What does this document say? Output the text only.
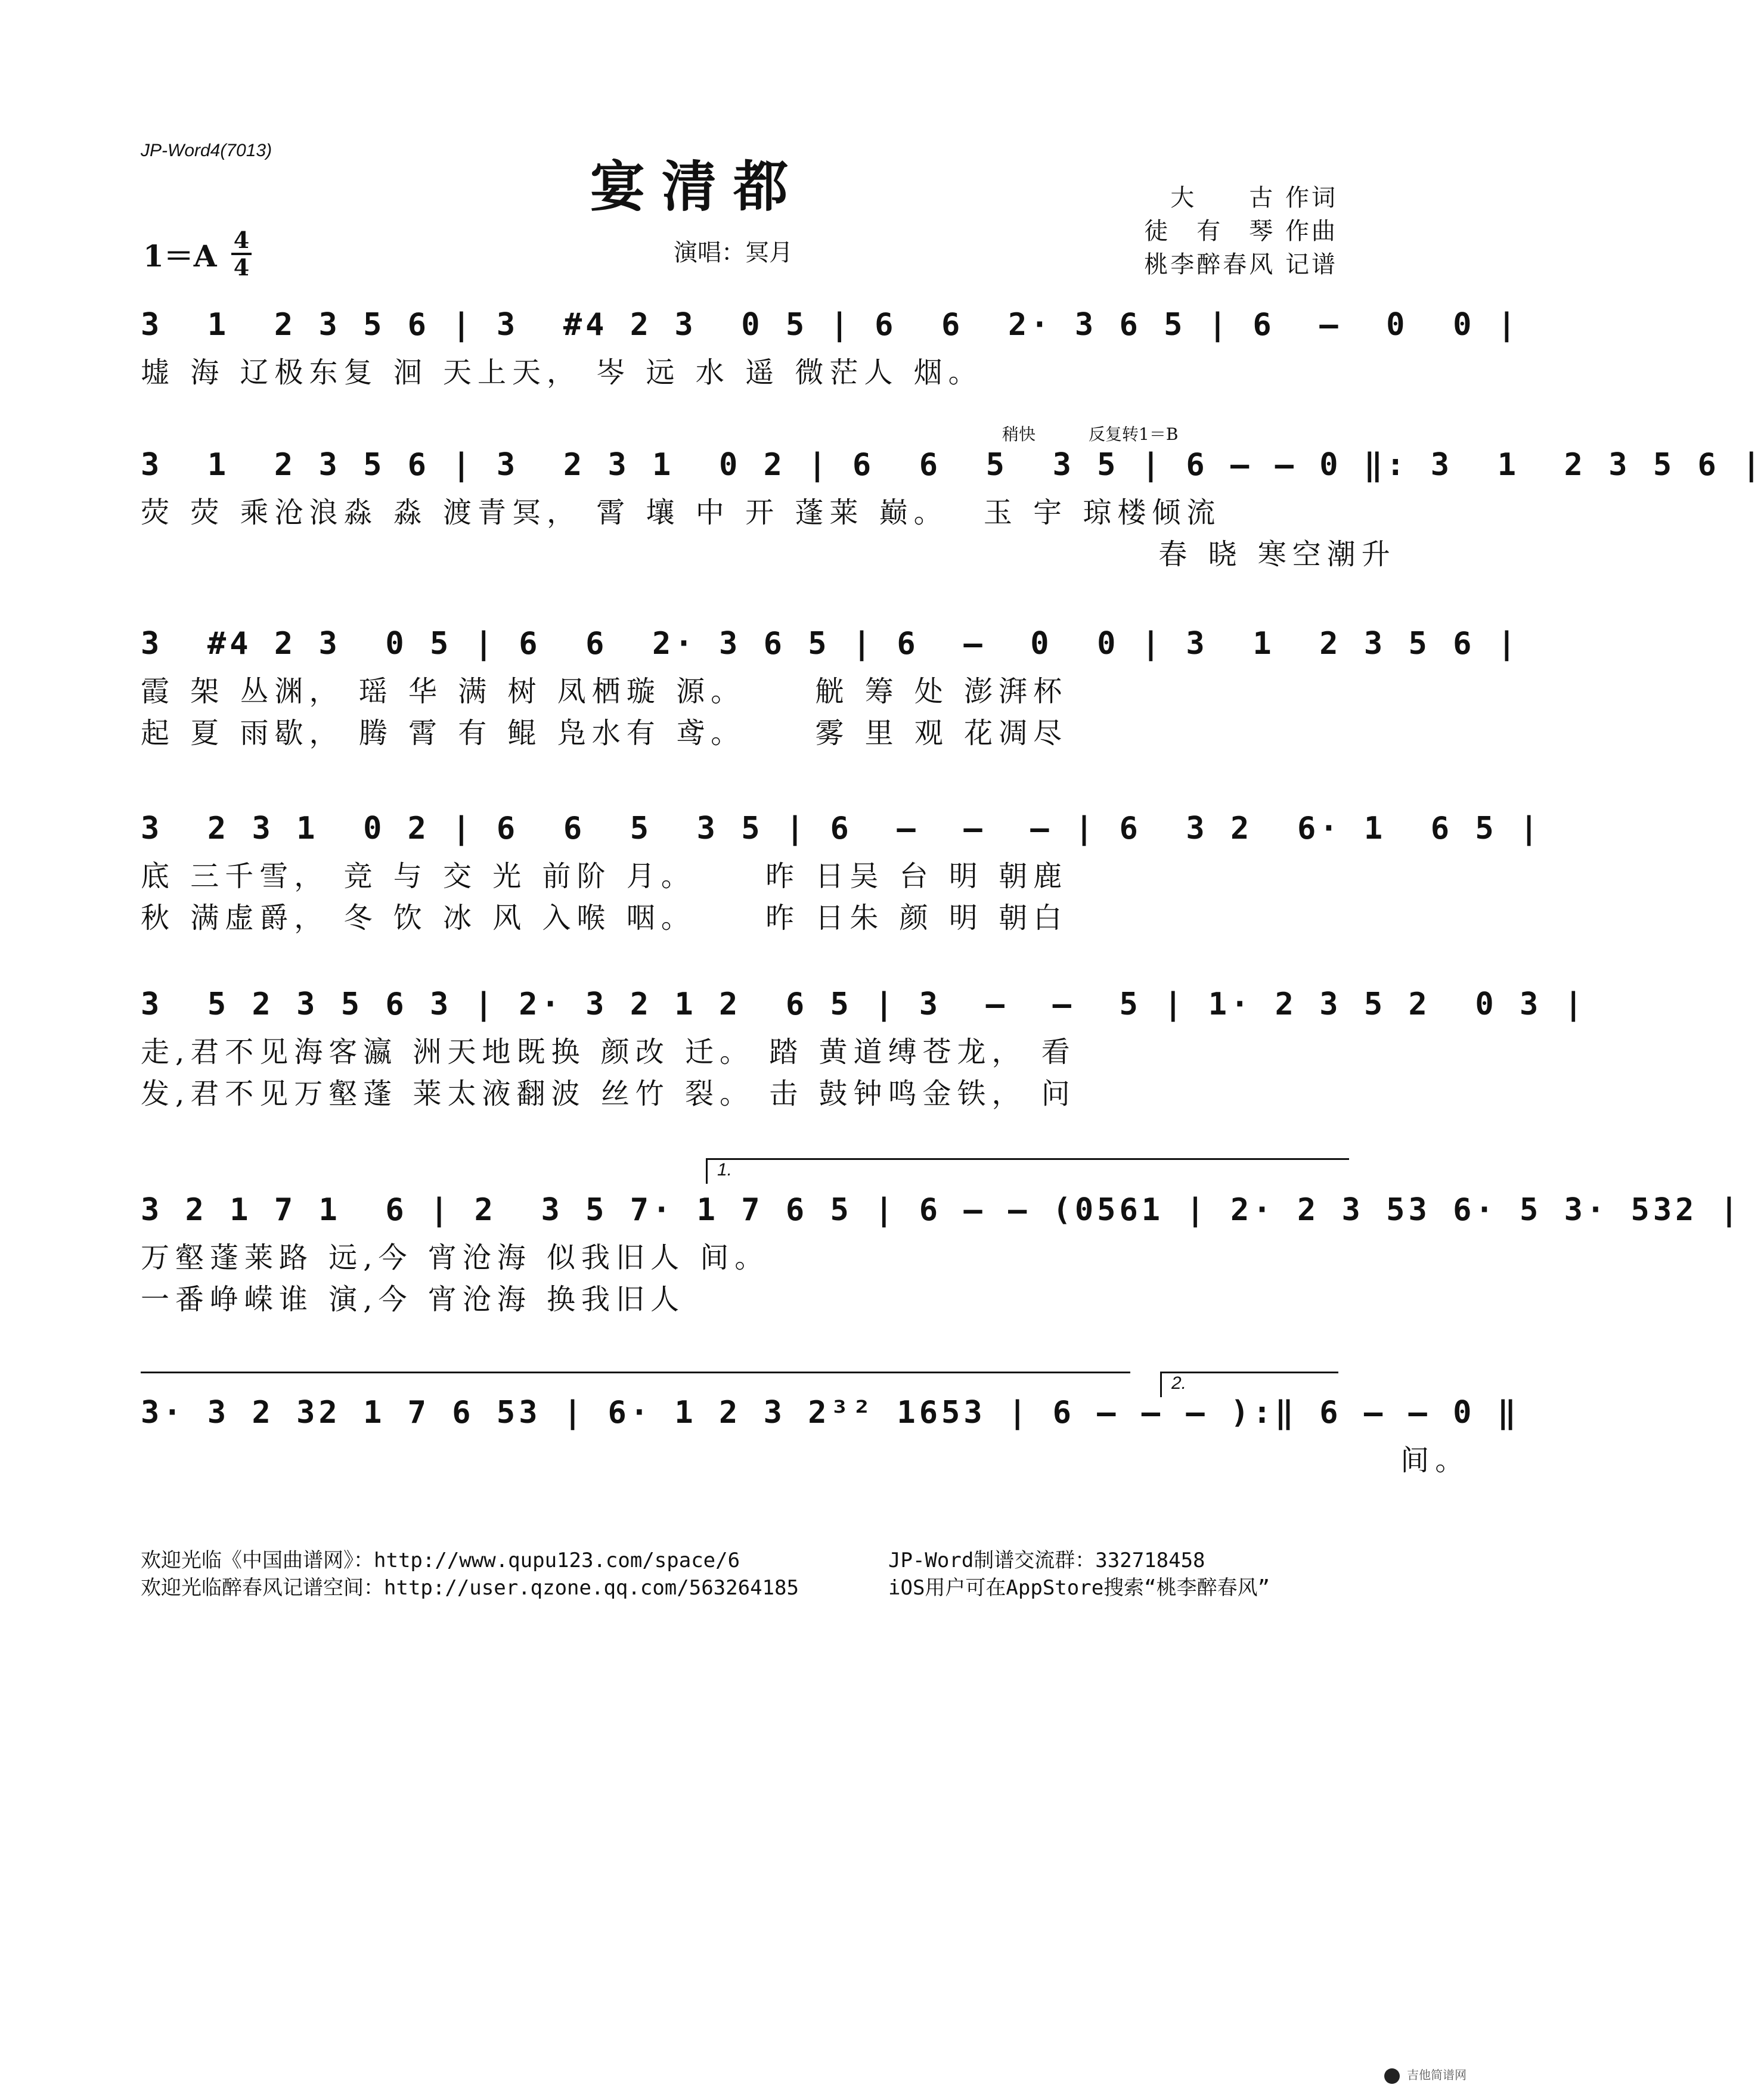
JP-Word4(7013)
宴清都	大　　古 作词
徒　有　琴 作曲
桃李醉春风 记谱
1＝A 4
4
演唱：冥月
3  1  2 3 5 6 | 3  #4 2 3  0 5 | 6  6  2· 3 6 5 | 6  –  0  0 |
墟 海 辽极东复 洄 天上天， 岑 远 水 遥 微茫人 烟。
稍快	反复转1＝B
3  1  2 3 5 6 | 3  2 3 1  0 2 | 6  6  5  3 5 | 6 – – 0 ‖: 3  1  2 3 5 6 |
荧 荧 乘沧浪淼 淼 渡青冥， 霄 壤 中 开 蓬莱 巅。　 玉 宇 琼楼倾流
　　　　　　　　　　　　　　　　　　　　　　　　　　　　　 春 晓 寒空潮升
3  #4 2 3  0 5 | 6  6  2· 3 6 5 | 6  –  0  0 | 3  1  2 3 5 6 |
霞 架 丛渊， 瑶 华 满 树 凤栖璇 源。　　 觥 筹 处 澎湃杯
起 夏 雨歇， 腾 霄 有 鲲 凫水有 鸢。　　 雾 里 观 花凋尽
3  2 3 1  0 2 | 6  6  5  3 5 | 6  –  –  – | 6  3 2  6· 1  6 5 |
底 三千雪， 竞 与 交 光 前阶 月。　　 昨 日吴 台 明 朝鹿
秋 满虚爵， 冬 饮 冰 风 入喉 咽。　　 昨 日朱 颜 明 朝白
3  5 2 3 5 6 3 | 2· 3 2 1 2  6 5 | 3  –  –  5 | 1· 2 3 5 2  0 3 |
走,君不见海客瀛 洲天地既换 颜改 迁。 踏 黄道缚苍龙， 看
发,君不见万壑蓬 莱太液翻波 丝竹 裂。 击 鼓钟鸣金铁， 问
1.
3 2 1 7 1  6 | 2  3 5 7· 1 7 6 5 | 6 – – (0561 | 2· 2 3 53 6· 5 3· 532 |
万壑蓬莱路 远,今 宵沧海 似我旧人 间。
一番峥嵘谁 演,今 宵沧海 换我旧人
2.
3· 3 2 32 1 7 6 53 | 6· 1 2 3 2³² 1653 | 6 – – – ):‖ 6 – – 0 ‖
　　　　　　　　　　　　　　　　　　　　　　　　　　　　　　　　　　　　 间。
欢迎光临《中国曲谱网》：http://www.qupu123.com/space/6
欢迎光临醉春风记谱空间：http://user.qzone.qq.com/563264185
JP-Word制谱交流群：332718458
iOS用户可在AppStore搜索“桃李醉春风”
吉他简谱网
